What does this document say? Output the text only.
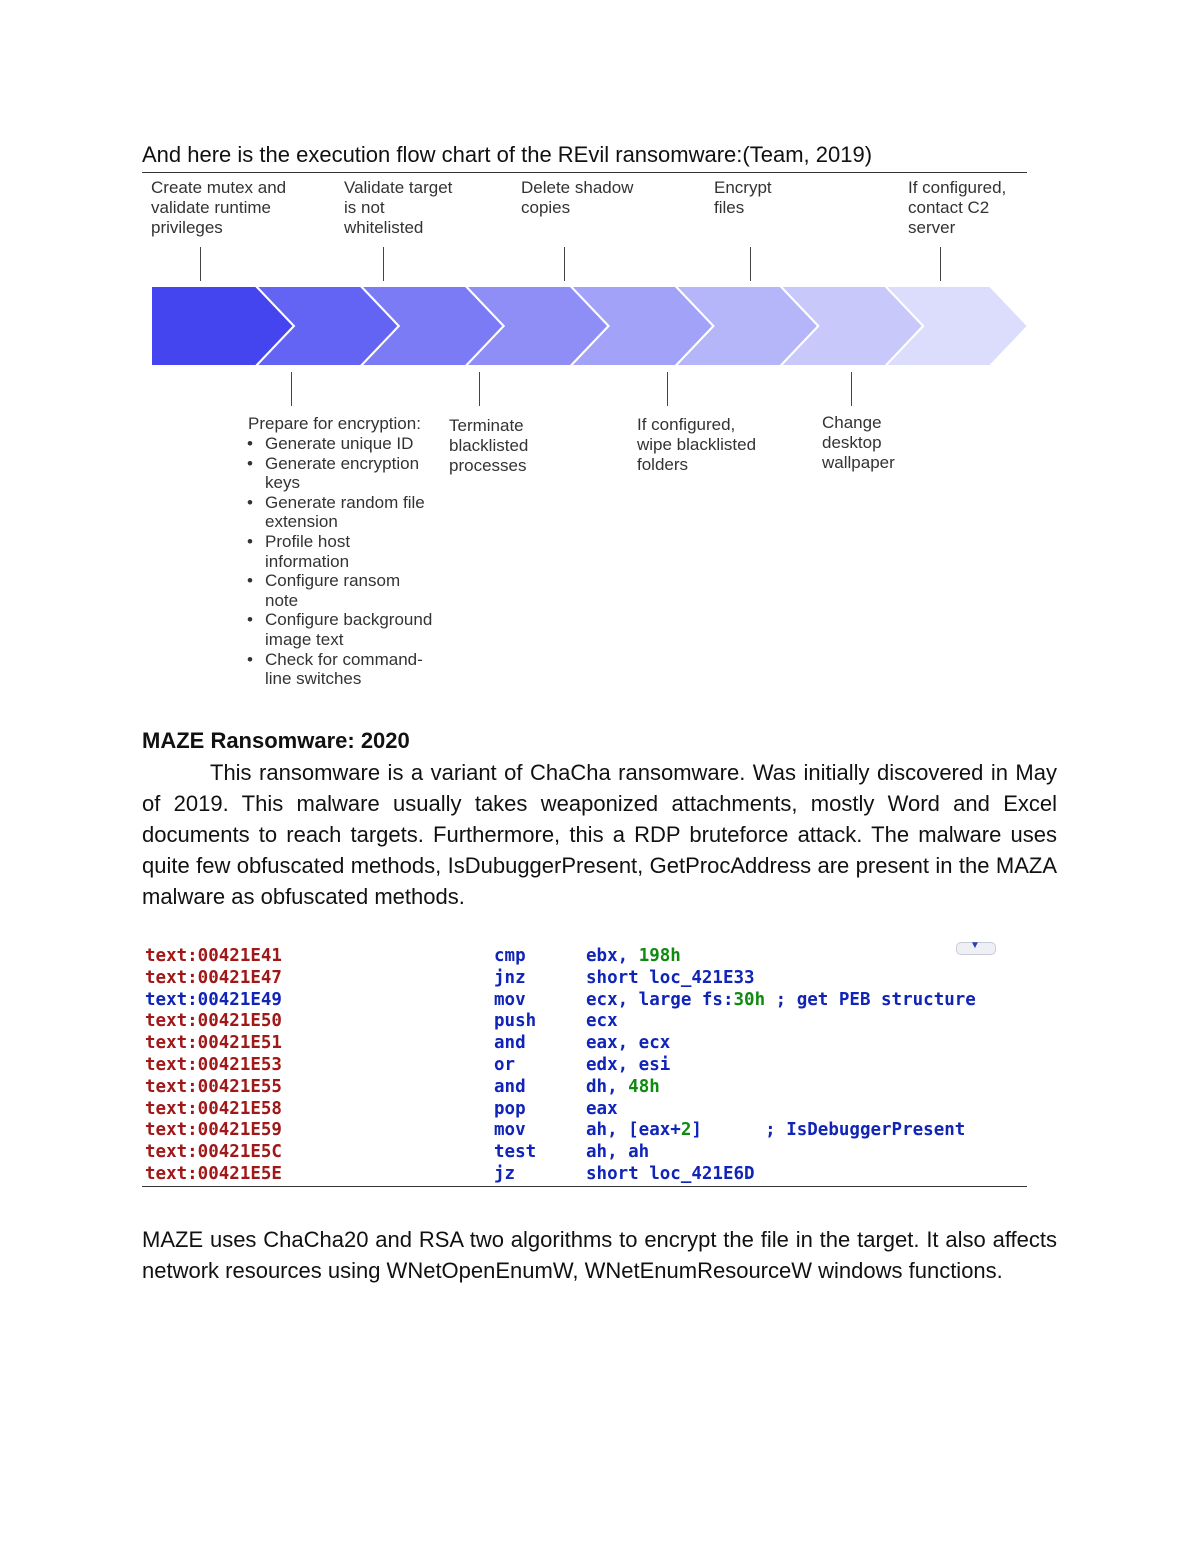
And here is the execution flow chart of the REvil ransomware:(Team, 2019)
Create mutex and
validate runtime
privileges
Validate target
is not
whitelisted
Delete shadow
copies
Encrypt
files
If configured,
contact C2
server
Prepare for encryption:
• Generate unique ID
• Generate encryption keys
• Generate random file extension
• Profile host information
• Configure ransom note
• Configure background image text
• Check for command-line switches
Terminate
blacklisted
processes
If configured,
wipe blacklisted
folders
Change
desktop
wallpaper
MAZE Ransomware: 2020

This ransomware is a variant of ChaCha ransomware. Was initially discovered in May of 2019. This malware usually takes weaponized attachments, mostly Word and Excel documents to reach targets. Furthermore, this a RDP bruteforce attack. The malware uses quite few obfuscated methods, IsDubuggerPresent, GetProcAddress are present in the MAZA malware as obfuscated methods.

▼
text:00421E41	cmp	ebx, 198h
text:00421E47	jnz	short loc_421E33
text:00421E49	mov	ecx, large fs:30h ; get PEB structure
text:00421E50	push	ecx
text:00421E51	and	eax, ecx
text:00421E53	or	edx, esi
text:00421E55	and	dh, 48h
text:00421E58	pop	eax
text:00421E59	mov	ah, [eax+2]      ; IsDebuggerPresent
text:00421E5C	test	ah, ah
text:00421E5E	jz	short loc_421E6D

MAZE uses ChaCha20 and RSA two algorithms to encrypt the file in the target. It also affects network resources using WNetOpenEnumW, WNetEnumResourceW windows functions.
